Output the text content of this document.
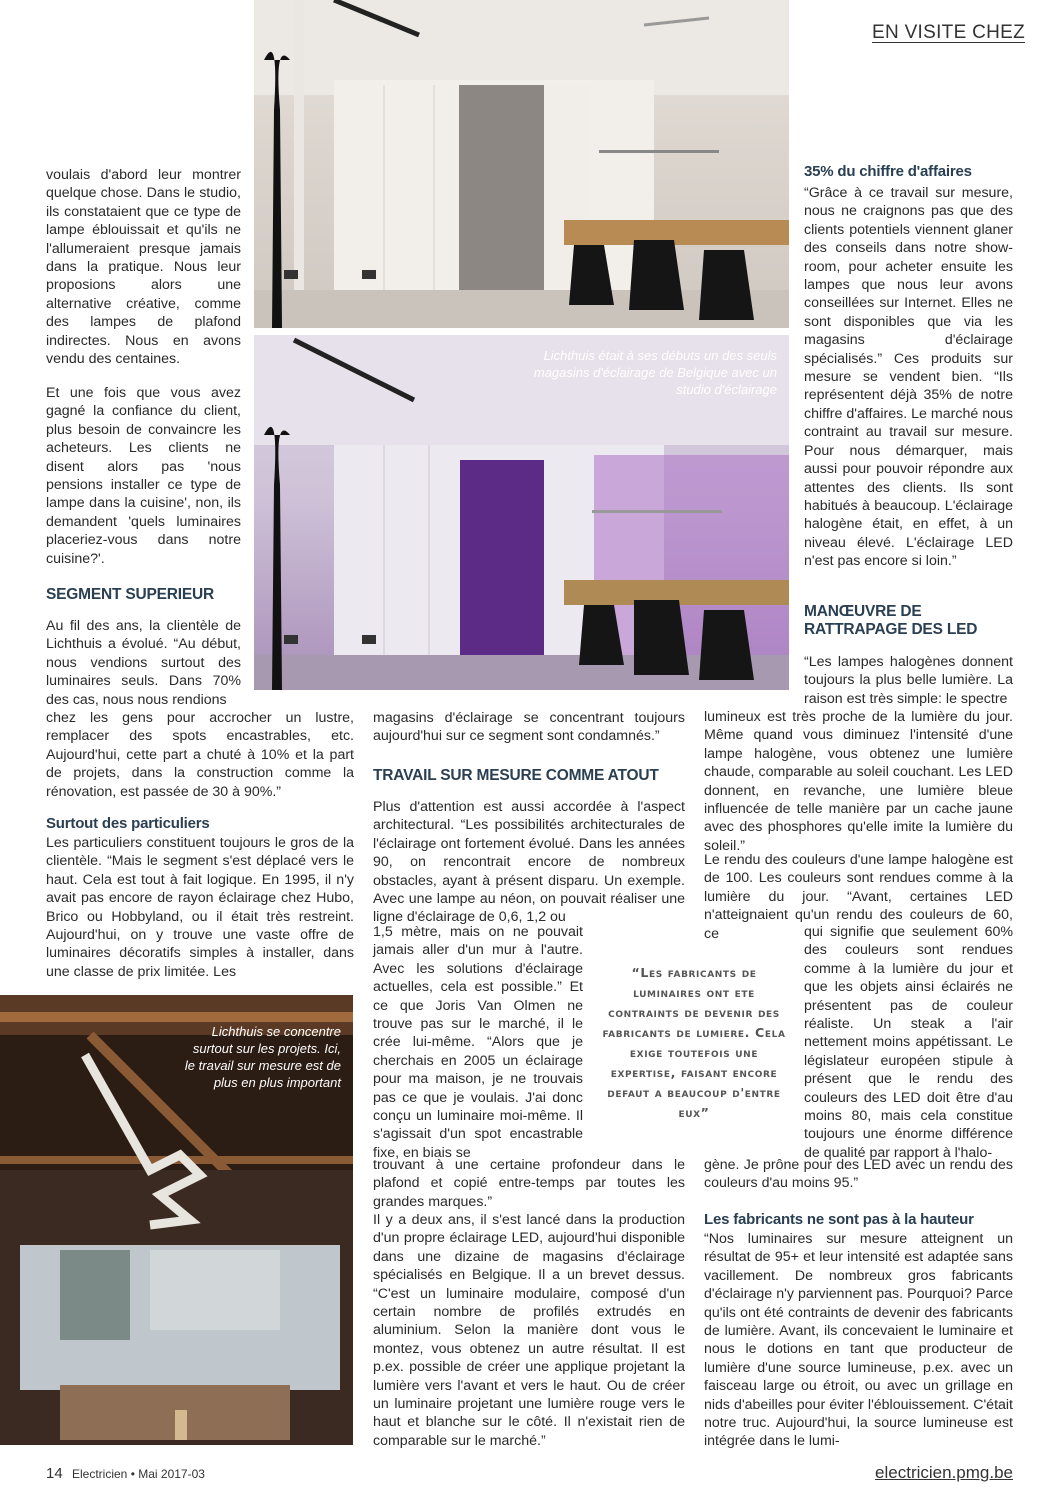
EN VISITE CHEZ
Lichthuis était à ses débuts un des seuls magasins d'éclairage de Belgique avec un studio d'éclairage
Lichthuis se concentre surtout sur les projets. Ici, le travail sur mesure est de plus en plus important
voulais d'abord leur montrer quelque chose. Dans le studio, ils constataient que ce type de lampe éblouissait et qu'ils ne l'allumeraient presque jamais dans la pratique. Nous leur proposions alors une alternative créative, comme des lampes de plafond indirectes. Nous en avons vendu des centaines.
Et une fois que vous avez gagné la confiance du client, plus besoin de convaincre les acheteurs. Les clients ne disent alors pas 'nous pensions installer ce type de lampe dans la cuisine', non, ils demandent 'quels luminaires placeriez-vous dans notre cuisine?'.
SEGMENT SUPERIEUR
Au fil des ans, la clientèle de Lichthuis a évolué. “Au début, nous vendions surtout des luminaires seuls. Dans 70% des cas, nous nous rendions
chez les gens pour accrocher un lustre, remplacer des spots encastrables, etc. Aujourd'hui, cette part a chuté à 10% et la part de projets, dans la construction comme la rénovation, est passée de 30 à 90%.”
Surtout des particuliers
Les particuliers constituent toujours le gros de la clientèle. “Mais le segment s'est déplacé vers le haut. Cela est tout à fait logique. En 1995, il n'y avait pas encore de rayon éclairage chez Hubo, Brico ou Hobbyland, ou il était très restreint. Aujourd'hui, on y trouve une vaste offre de luminaires décoratifs simples à installer, dans une classe de prix limitée. Les
magasins d'éclairage se concentrant toujours aujourd'hui sur ce segment sont condamnés.”
TRAVAIL SUR MESURE COMME ATOUT
Plus d'attention est aussi accordée à l'aspect architectural. “Les possibilités architecturales de l'éclairage ont fortement évolué. Dans les années 90, on rencontrait encore de nombreux obstacles, ayant à présent disparu. Un exemple. Avec une lampe au néon, on pouvait réaliser une ligne d'éclairage de 0,6, 1,2 ou
1,5 mètre, mais on ne pouvait jamais aller d'un mur à l'autre. Avec les solutions d'éclairage actuelles, cela est possible.” Et ce que Joris Van Olmen ne trouve pas sur le marché, il le crée lui-même. “Alors que je cherchais en 2005 un éclairage pour ma maison, je ne trouvais pas ce que je voulais. J'ai donc conçu un luminaire moi-même. Il s'agissait d'un spot encastrable fixe, en biais se
“Les fabricants de luminaires ont ete contraints de devenir des fabricants de lumiere. Cela exige toutefois une expertise, faisant encore defaut a beaucoup d'entre eux”
trouvant à une certaine profondeur dans le plafond et copié entre-temps par toutes les grandes marques.”
Il y a deux ans, il s'est lancé dans la production d'un propre éclairage LED, aujourd'hui disponible dans une dizaine de magasins d'éclairage spécialisés en Belgique. Il a un brevet dessus. “C'est un luminaire modulaire, composé d'un certain nombre de profilés extrudés en aluminium. Selon la manière dont vous le montez, vous obtenez un autre résultat. Il est p.ex. possible de créer une applique projetant la lumière vers l'avant et vers le haut. Ou de créer un luminaire projetant une lumière rouge vers le haut et blanche sur le côté. Il n'existait rien de comparable sur le marché.”
35% du chiffre d'affaires
“Grâce à ce travail sur mesure, nous ne craignons pas que des clients potentiels viennent glaner des conseils dans notre show-room, pour acheter ensuite les lampes que nous leur avons conseillées sur Internet. Elles ne sont disponibles que via les magasins d'éclairage spécialisés.” Ces produits sur mesure se vendent bien. “Ils représentent déjà 35% de notre chiffre d'affaires. Le marché nous contraint au travail sur mesure. Pour nous démarquer, mais aussi pour pouvoir répondre aux attentes des clients. Ils sont habitués à beaucoup. L'éclairage halogène était, en effet, à un niveau élevé. L'éclairage LED n'est pas encore si loin.”
MANŒUVRE DE RATTRAPAGE DES LED
“Les lampes halogènes donnent toujours la plus belle lumière. La raison est très simple: le spectre
lumineux est très proche de la lumière du jour. Même quand vous diminuez l'intensité d'une lampe halogène, vous obtenez une lumière chaude, comparable au soleil couchant. Les LED donnent, en revanche, une lumière bleue influencée de telle manière par un cache jaune avec des phosphores qu'elle imite la lumière du soleil.”
Le rendu des couleurs d'une lampe halogène est de 100. Les couleurs sont rendues comme à la lumière du jour. “Avant, certaines LED n'atteignaient qu'un rendu des couleurs de 60, ce	qui signifie que seulement 60% des couleurs sont rendues comme à la lumière du jour et que les objets ainsi éclairés ne présentent pas de couleur réaliste. Un steak a l'air nettement moins appétissant. Le législateur européen stipule à présent que le rendu des couleurs des LED doit être d'au moins 80, mais cela constitue toujours une énorme différence de qualité par rapport à l'halo-
gène. Je prône pour des LED avec un rendu des couleurs d'au moins 95.”
Les fabricants ne sont pas à la hauteur
“Nos luminaires sur mesure atteignent un résultat de 95+ et leur intensité est adaptée sans vacillement. De nombreux gros fabricants d'éclairage n'y parviennent pas. Pourquoi? Parce qu'ils ont été contraints de devenir des fabricants de lumière. Avant, ils concevaient le luminaire et nous le dotions en tant que producteur de lumière d'une source lumineuse, p.ex. avec un faisceau large ou étroit, ou avec un grillage en nids d'abeilles pour éviter l'éblouissement. C'était notre truc. Aujourd'hui, la source lumineuse est intégrée dans le lumi-
14 Electricien • Mai 2017-03	electricien.pmg.be
